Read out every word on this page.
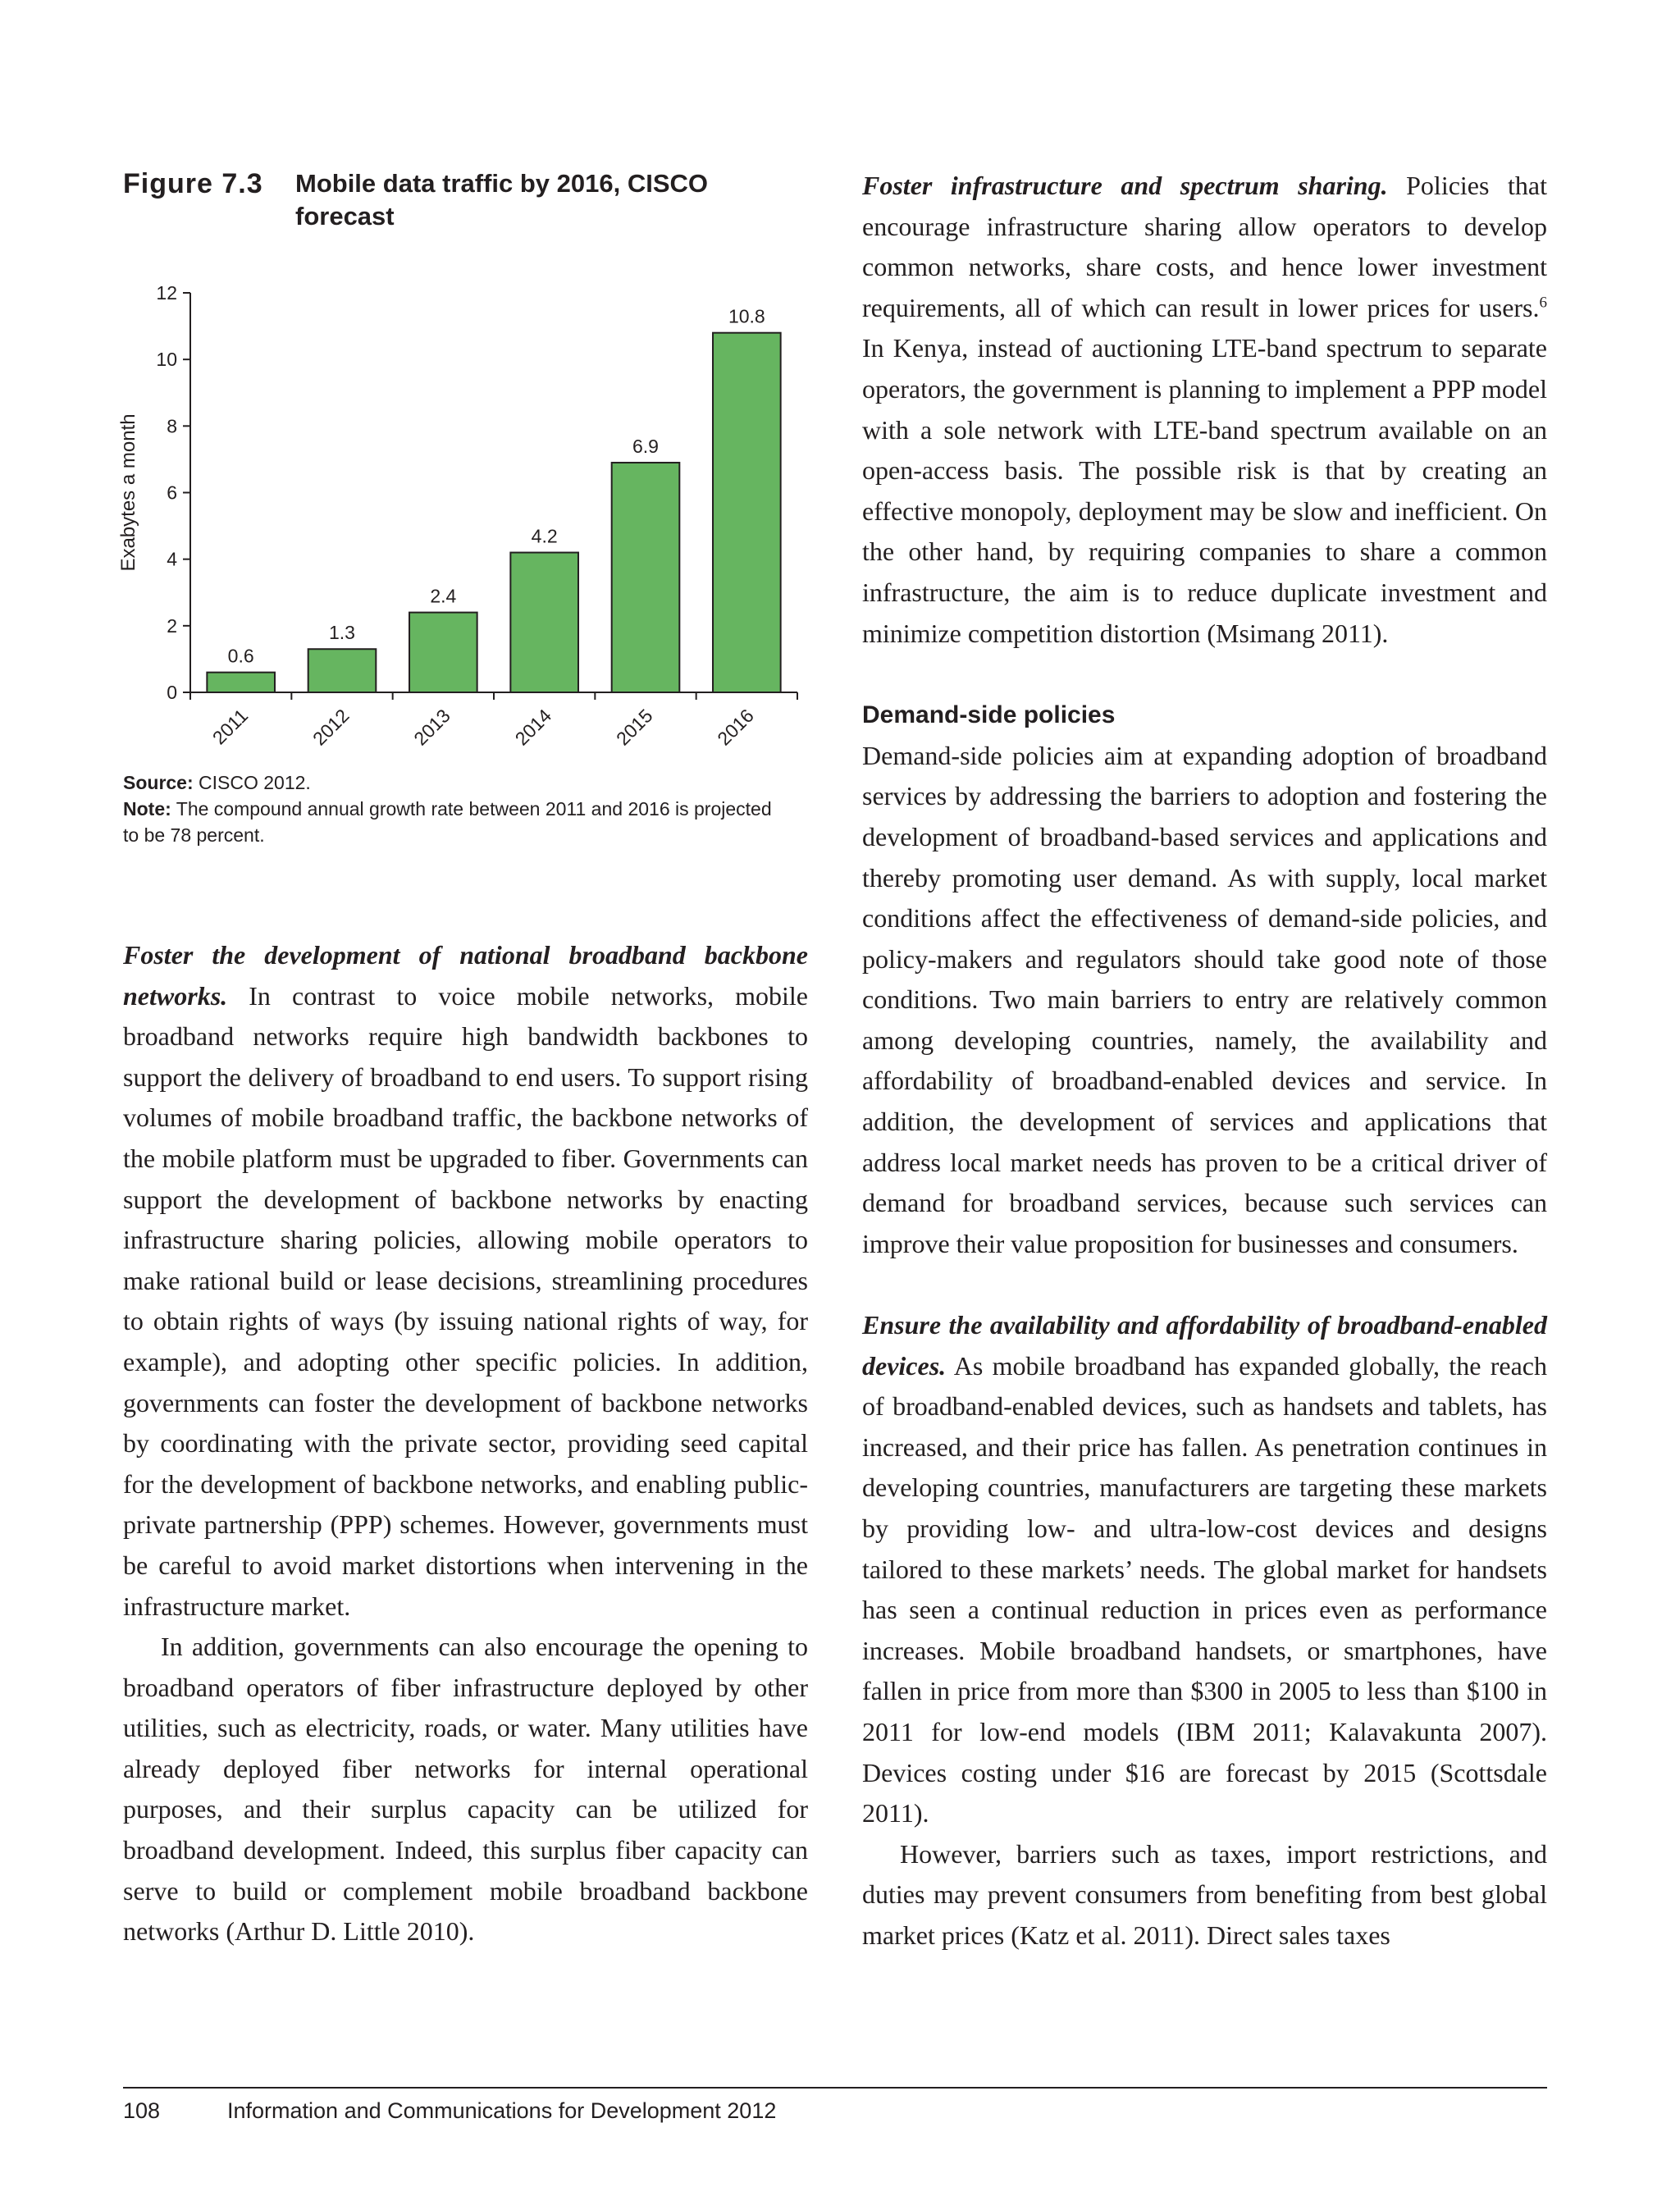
Figure 7.3 Mobile data traffic by 2016, CISCO forecast
0
2
4
6
8
10
12
Exabytes a month
0.6
2011
1.3
2012
2.4
2013
4.2
2014
6.9
2015
10.8
2016

Source: CISCO 2012.

Note: The compound annual growth rate between 2011 and 2016 is projected to be 78 percent.

Foster the development of national broadband backbone networks. In contrast to voice mobile networks, mobile broadband networks require high bandwidth backbones to support the delivery of broadband to end users. To support rising volumes of mobile broadband traffic, the backbone networks of the mobile platform must be upgraded to fiber. Governments can support the development of backbone networks by enacting infrastructure sharing policies, allowing mobile operators to make rational build or lease decisions, streamlining procedures to obtain rights of ways (by issuing national rights of way, for example), and adopting other specific policies. In addition, governments can foster the development of backbone networks by coordinating with the private sector, providing seed capital for the development of backbone networks, and enabling public-private partnership (PPP) schemes. However, governments must be careful to avoid market distortions when intervening in the infrastructure market.

In addition, governments can also encourage the opening to broadband operators of fiber infrastructure deployed by other utilities, such as electricity, roads, or water. Many utilities have already deployed fiber networks for internal operational purposes, and their surplus capacity can be utilized for broadband development. Indeed, this surplus fiber capacity can serve to build or complement mobile broadband backbone networks (Arthur D. Little 2010).

Foster infrastructure and spectrum sharing. Policies that encourage infrastructure sharing allow operators to develop common networks, share costs, and hence lower investment requirements, all of which can result in lower prices for users.$^6$ In Kenya, instead of auctioning LTE-band spectrum to separate operators, the government is planning to implement a PPP model with a sole network with LTE-band spectrum available on an open-access basis. The possible risk is that by creating an effective monopoly, deployment may be slow and inefficient. On the other hand, by requiring companies to share a common infrastructure, the aim is to reduce duplicate investment and minimize competition distortion (Msimang 2011).

Demand-side policies

Demand-side policies aim at expanding adoption of broadband services by addressing the barriers to adoption and fostering the development of broadband-based services and applications and thereby promoting user demand. As with supply, local market conditions affect the effectiveness of demand-side policies, and policy-makers and regulators should take good note of those conditions. Two main barriers to entry are relatively common among developing countries, namely, the availability and affordability of broadband-enabled devices and service. In addition, the development of services and applications that address local market needs has proven to be a critical driver of demand for broadband services, because such services can improve their value proposition for businesses and consumers.

Ensure the availability and affordability of broadband-enabled devices. As mobile broadband has expanded globally, the reach of broadband-enabled devices, such as handsets and tablets, has increased, and their price has fallen. As penetration continues in developing countries, manufacturers are targeting these markets by providing low- and ultra-low-cost devices and designs tailored to these markets’ needs. The global market for handsets has seen a continual reduction in prices even as performance increases. Mobile broadband handsets, or smartphones, have fallen in price from more than $300 in 2005 to less than $100 in 2011 for low-end models (IBM 2011; Kalavakunta 2007). Devices costing under $16 are forecast by 2015 (Scottsdale 2011).

However, barriers such as taxes, import restrictions, and duties may prevent consumers from benefiting from best global market prices (Katz et al. 2011). Direct sales taxes

108	Information and Communications for Development 2012
